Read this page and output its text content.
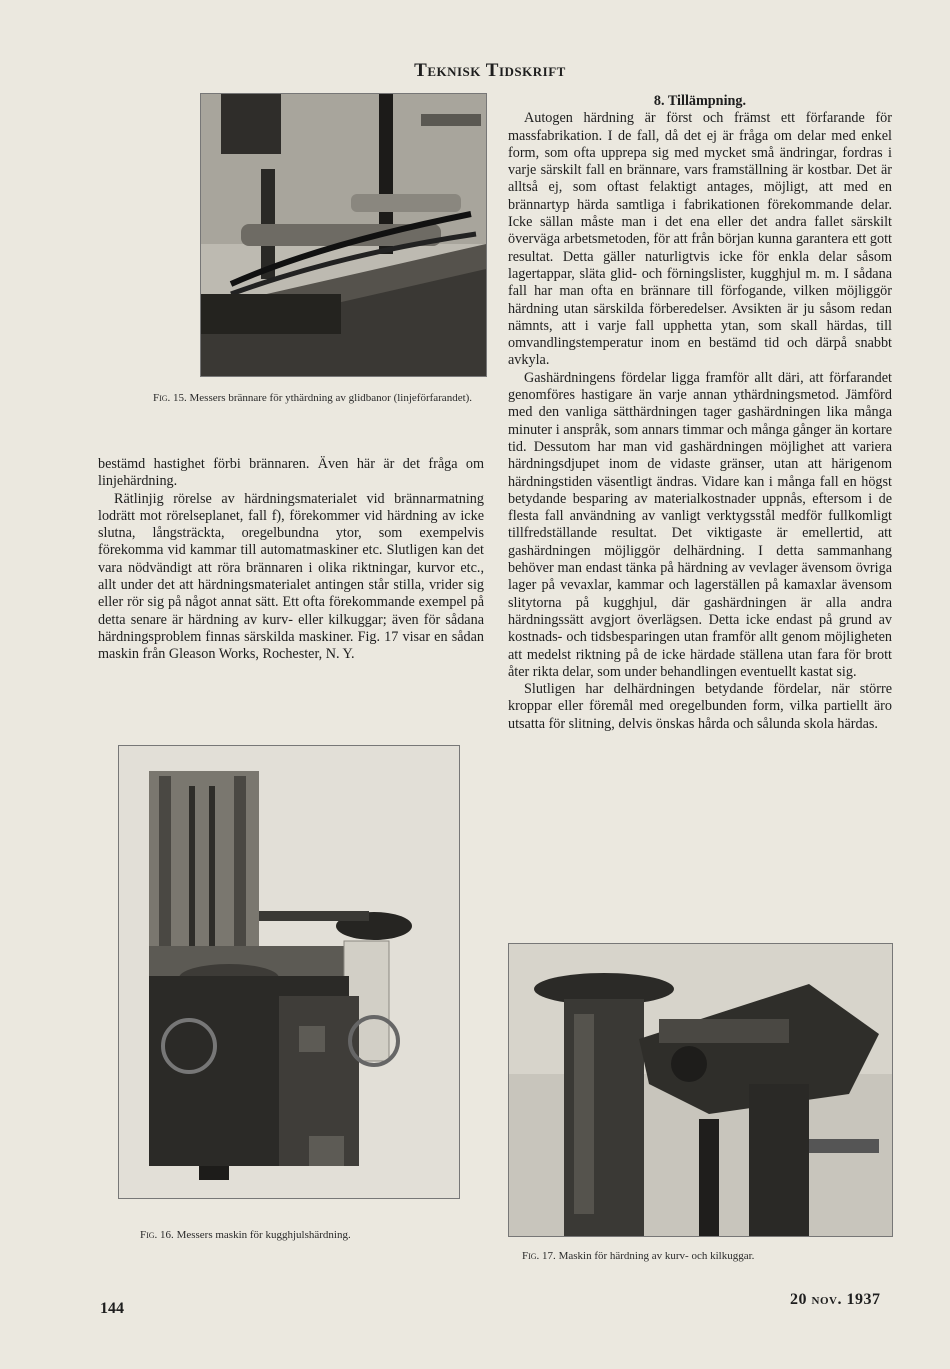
Teknisk Tidskrift
Fig. 15. Messers brännare för ythärdning av glidbanor (linjeförfarandet).

bestämd hastighet förbi brännaren. Även här är det fråga om linjehärdning.

Rätlinjig rörelse av härdningsmaterialet vid brännarmatning lodrätt mot rörelseplanet, fall f), förekommer vid härdning av icke slutna, långsträckta, oregelbundna ytor, som exempelvis förekomma vid kammar till automatmaskiner etc. Slutligen kan det vara nödvändigt att röra brännaren i olika riktningar, kurvor etc., allt under det att härdningsmaterialet antingen står stilla, vrider sig eller rör sig på något annat sätt. Ett ofta förekommande exempel på detta senare är härdning av kurv- eller kilkuggar; även för sådana härdningsproblem finnas särskilda maskiner. Fig. 17 visar en sådan maskin från Gleason Works, Rochester, N. Y.

8. Tillämpning.

Autogen härdning är först och främst ett förfarande för massfabrikation. I de fall, då det ej är fråga om delar med enkel form, som ofta upprepa sig med mycket små ändringar, fordras i varje särskilt fall en brännare, vars framställning är kostbar. Det är alltså ej, som oftast felaktigt antages, möjligt, att med en brännartyp härda samtliga i fabrikationen förekommande delar. Icke sällan måste man i det ena eller det andra fallet särskilt överväga arbetsmetoden, för att från början kunna garantera ett gott resultat. Detta gäller naturligtvis icke för enkla delar såsom lagertappar, släta glid- och förningslister, kugghjul m. m. I sådana fall har man ofta en brännare till förfogande, vilken möjliggör härdning utan särskilda förberedelser. Avsikten är ju såsom redan nämnts, att i varje fall upphetta ytan, som skall härdas, till omvandlingstemperatur inom en bestämd tid och därpå snabbt avkyla.

Gashärdningens fördelar ligga framför allt däri, att förfarandet genomföres hastigare än varje annan ythärdningsmetod. Jämförd med den vanliga sätthärdningen tager gashärdningen lika många minuter i anspråk, som annars timmar och många gånger än kortare tid. Dessutom har man vid gashärdningen möjlighet att variera härdningsdjupet inom de vidaste gränser, utan att härigenom härdningstiden väsentligt ändras. Vidare kan i många fall en högst betydande besparing av materialkostnader uppnås, eftersom i de flesta fall användning av vanligt verktygsstål medför fullkomligt tillfredställande resultat. Det viktigaste är emellertid, att gashärdningen möjliggör delhärdning. I detta sammanhang behöver man endast tänka på härdning av vevlager ävensom övriga lager på vevaxlar, kammar och lagerställen på kamaxlar ävensom slitytorna på kugghjul, där gashärdningen är alla andra härdningssätt avgjort överlägsen. Detta icke endast på grund av kostnads- och tidsbesparingen utan framför allt genom möjligheten att medelst riktning på de icke härdade ställena utan fara för brott åter rikta delar, som under behandlingen eventuellt kastat sig.

Slutligen har delhärdningen betydande fördelar, när större kroppar eller föremål med oregelbunden form, vilka partiellt äro utsatta för slitning, delvis önskas hårda och sålunda skola härdas.

Fig. 16. Messers maskin för kugghjulshärdning.
Fig. 17. Maskin för härdning av kurv- och kilkuggar.
144
20 nov. 1937
